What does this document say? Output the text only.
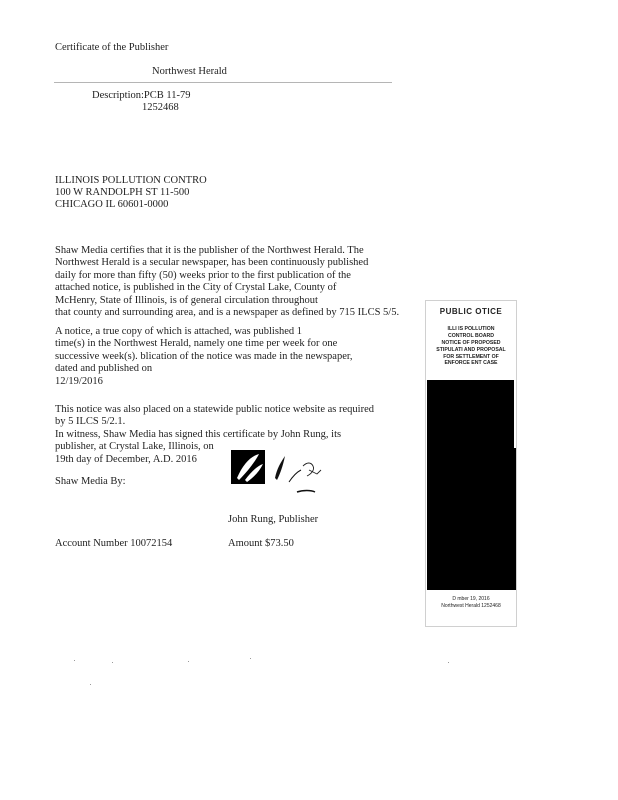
Certificate of the Publisher
Northwest Herald
Description:PCB 11-79
1252468
ILLINOIS POLLUTION CONTRO
100 W RANDOLPH ST 11-500
CHICAGO IL 60601-0000
Shaw Media certifies that it is the publisher of the Northwest Herald. The
Northwest Herald is a secular newspaper, has been continuously published
daily for more than fifty (50) weeks prior to the first publication of the
attached notice, is published in the City of Crystal Lake, County of
McHenry, State of Illinois, is of general circulation throughout
that county and surrounding area, and is a newspaper as defined by 715 ILCS 5/5.
A notice, a true copy of which is attached, was published 1
time(s) in the Northwest Herald, namely one time per week for one
successive week(s). blication of the notice was made in the newspaper,
dated and published on
12/19/2016
This notice was also placed on a statewide public notice website as required
by 5 ILCS 5/2.1.
In witness, Shaw Media has signed this certificate by John Rung, its
publisher, at Crystal Lake, Illinois, on
19th day of December, A.D. 2016
Shaw Media By:
John Rung, Publisher
Account Number 10072154	Amount $73.50
PUBLIC OTICE
ILLI IS POLLUTION
CONTROL BOARD
NOTICE OF PROPOSED
STIPULATI AND PROPOSAL
FOR SETTLEMENT OF
ENFORCE ENT CASE
D mber 19, 2016
Northwest Herald 1252468
